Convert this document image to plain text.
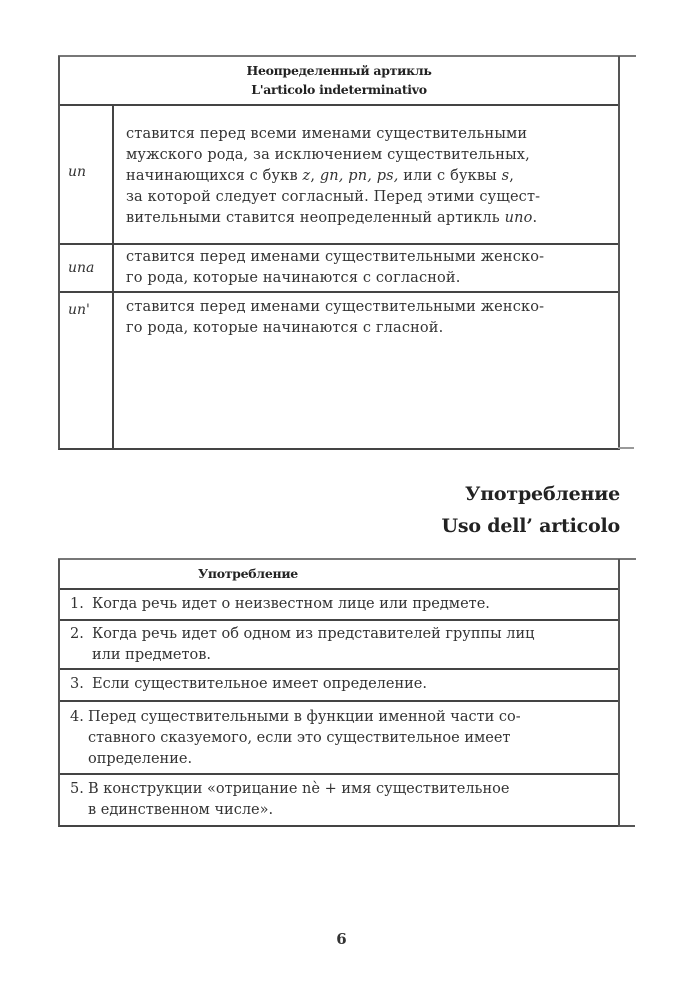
Неопределенный артикль
L'articolo indeterminativo
un
ставится перед всеми именами существительными
мужского рода, за исключением существительных,
начинающихся с букв z, gn, pn, ps, или с буквы s,
за которой следует согласный. Перед этими сущест-
вительными ставится неопределенный артикль uno.
una
ставится перед именами существительными женско-
го рода, которые начинаются с согласной.
un' ставится перед именами существительными женско-
го рода, которые начинаются с гласной.
Употребление
Uso dell’ articolo
Употребление
1. Когда речь идет о неизвестном лице или предмете.
2. Когда речь идет об одном из представителей группы лиц
или предметов.
3. Если существительное имеет определение.
4. Перед существительными в функции именной части со-
ставного сказуемого, если это существительное имеет
определение.
5. В конструкции «отрицание nè + имя существительное
в единственном числе».
6
